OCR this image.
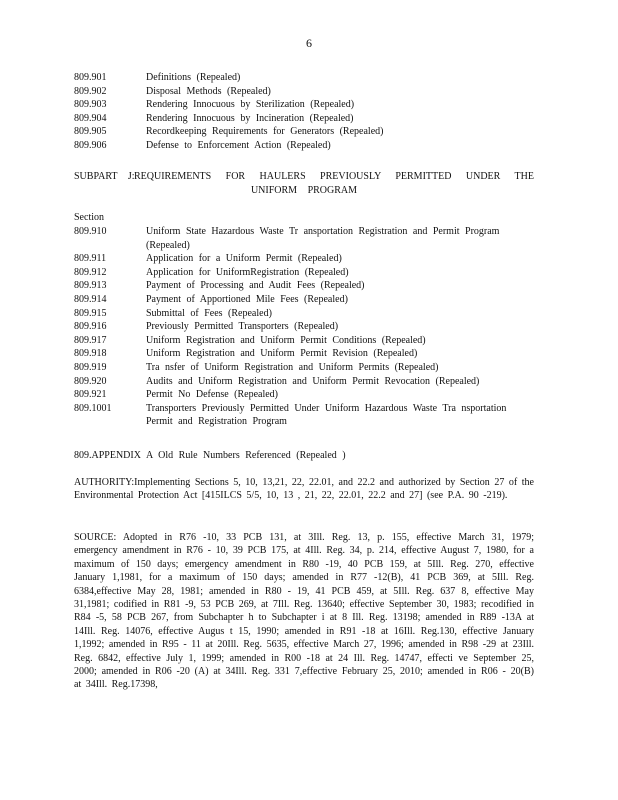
6
809.901	Definitions (Repealed)
809.902	Disposal Methods (Repealed)
809.903	Rendering Innocuous by Sterilization (Repealed)
809.904	Rendering Innocuous by Incineration (Repealed)
809.905	Recordkeeping Requirements for Generators (Repealed)
809.906	Defense to Enforcement Action (Repealed)
SUBPART J: REQUIREMENTS FOR HAULERS PREVIOUSLY PERMITTED UNDER THE
UNIFORM PROGRAM
Section
809.910	Uniform State Hazardous Waste Tr ansportation Registration and Permit Program (Repealed)
809.911	Application for a Uniform Permit (Repealed)
809.912	Application for UniformRegistration (Repealed)
809.913	Payment of Processing and Audit Fees (Repealed)
809.914	Payment of Apportioned Mile Fees (Repealed)
809.915	Submittal of Fees (Repealed)
809.916	Previously Permitted Transporters (Repealed)
809.917	Uniform Registration and Uniform Permit Conditions (Repealed)
809.918	Uniform Registration and Uniform Permit Revision (Repealed)
809.919	Tra nsfer of Uniform Registration and Uniform Permits (Repealed)
809.920	Audits and Uniform Registration and Uniform Permit Revocation (Repealed)
809.921	Permit No Defense (Repealed)
809.1001	Transporters Previously Permitted Under Uniform Hazardous Waste Tra nsportation Permit and Registration Program
809.APPENDIX A Old Rule Numbers Referenced (Repealed )
AUTHORITY:Implementing Sections 5, 10, 13,21, 22, 22.01, and 22.2 and authorized by Section 27 of the Environmental Protection Act [415ILCS 5/5, 10, 13 , 21, 22, 22.01, 22.2 and 27] (see P.A. 90 -219).
SOURCE: Adopted in R76 -10, 33 PCB 131, at 3Ill. Reg. 13, p. 155, effective March 31, 1979; emergency amendment in R76 - 10, 39 PCB 175, at 4Ill. Reg. 34, p. 214, effective August 7, 1980, for a maximum of 150 days; emergency amendment in R80 -19, 40 PCB 159, at 5Ill. Reg. 270, effective January 1,1981, for a maximum of 150 days; amended in R77 -12(B), 41 PCB 369, at 5Ill. Reg. 6384,effective May 28, 1981; amended in R80 - 19, 41 PCB 459, at 5Ill. Reg. 637 8, effective May 31,1981; codified in R81 -9, 53 PCB 269, at 7Ill. Reg. 13640; effective September 30, 1983; recodified in R84 -5, 58 PCB 267, from Subchapter h to Subchapter i at 8 Ill. Reg. 13198; amended in R89 -13A at 14Ill. Reg. 14076, effective Augus t 15, 1990; amended in R91 -18 at 16Ill. Reg.130, effective January 1,1992; amended in R95 - 11 at 20Ill. Reg. 5635, effective March 27, 1996; amended in R98 -29 at 23Ill. Reg. 6842, effective July 1, 1999; amended in R00 -18 at 24 Ill. Reg. 14747, effecti ve September 25, 2000; amended in R06 -20 (A) at 34Ill. Reg. 331 7,effective February 25, 2010; amended in R06 - 20(B) at 34Ill. Reg.17398,
